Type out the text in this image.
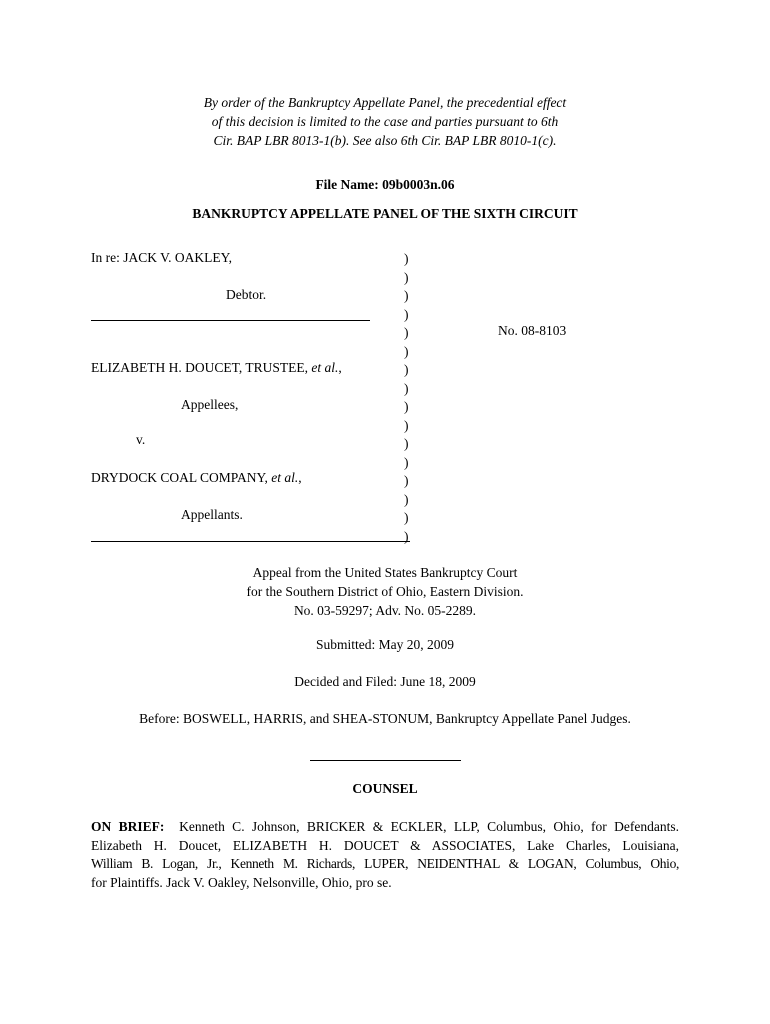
By order of the Bankruptcy Appellate Panel, the precedential effect
of this decision is limited to the case and parties pursuant to 6th
Cir. BAP LBR 8013-1(b). See also 6th Cir. BAP LBR 8010-1(c).
File Name: 09b0003n.06
BANKRUPTCY APPELLATE PANEL OF THE SIXTH CIRCUIT
In re: JACK V. OAKLEY,
Debtor.
ELIZABETH H. DOUCET, TRUSTEE, et al.,
Appellees,
v.
DRYDOCK COAL COMPANY, et al.,
Appellants.
)
)
)
)
)
)
)
)
)
)
)
)
)
)
)
)
No. 08-8103
Appeal from the United States Bankruptcy Court
for the Southern District of Ohio, Eastern Division.
No. 03-59297; Adv. No. 05-2289.
Submitted: May 20, 2009
Decided and Filed: June 18, 2009
Before: BOSWELL, HARRIS, and SHEA-STONUM, Bankruptcy Appellate Panel Judges.
COUNSEL
ON BRIEF: Kenneth C. Johnson, BRICKER & ECKLER, LLP, Columbus, Ohio, for Defendants.
Elizabeth H. Doucet, ELIZABETH H. DOUCET & ASSOCIATES, Lake Charles, Louisiana,
William B. Logan, Jr., Kenneth M. Richards, LUPER, NEIDENTHAL & LOGAN, Columbus, Ohio,
for Plaintiffs. Jack V. Oakley, Nelsonville, Ohio, pro se.
